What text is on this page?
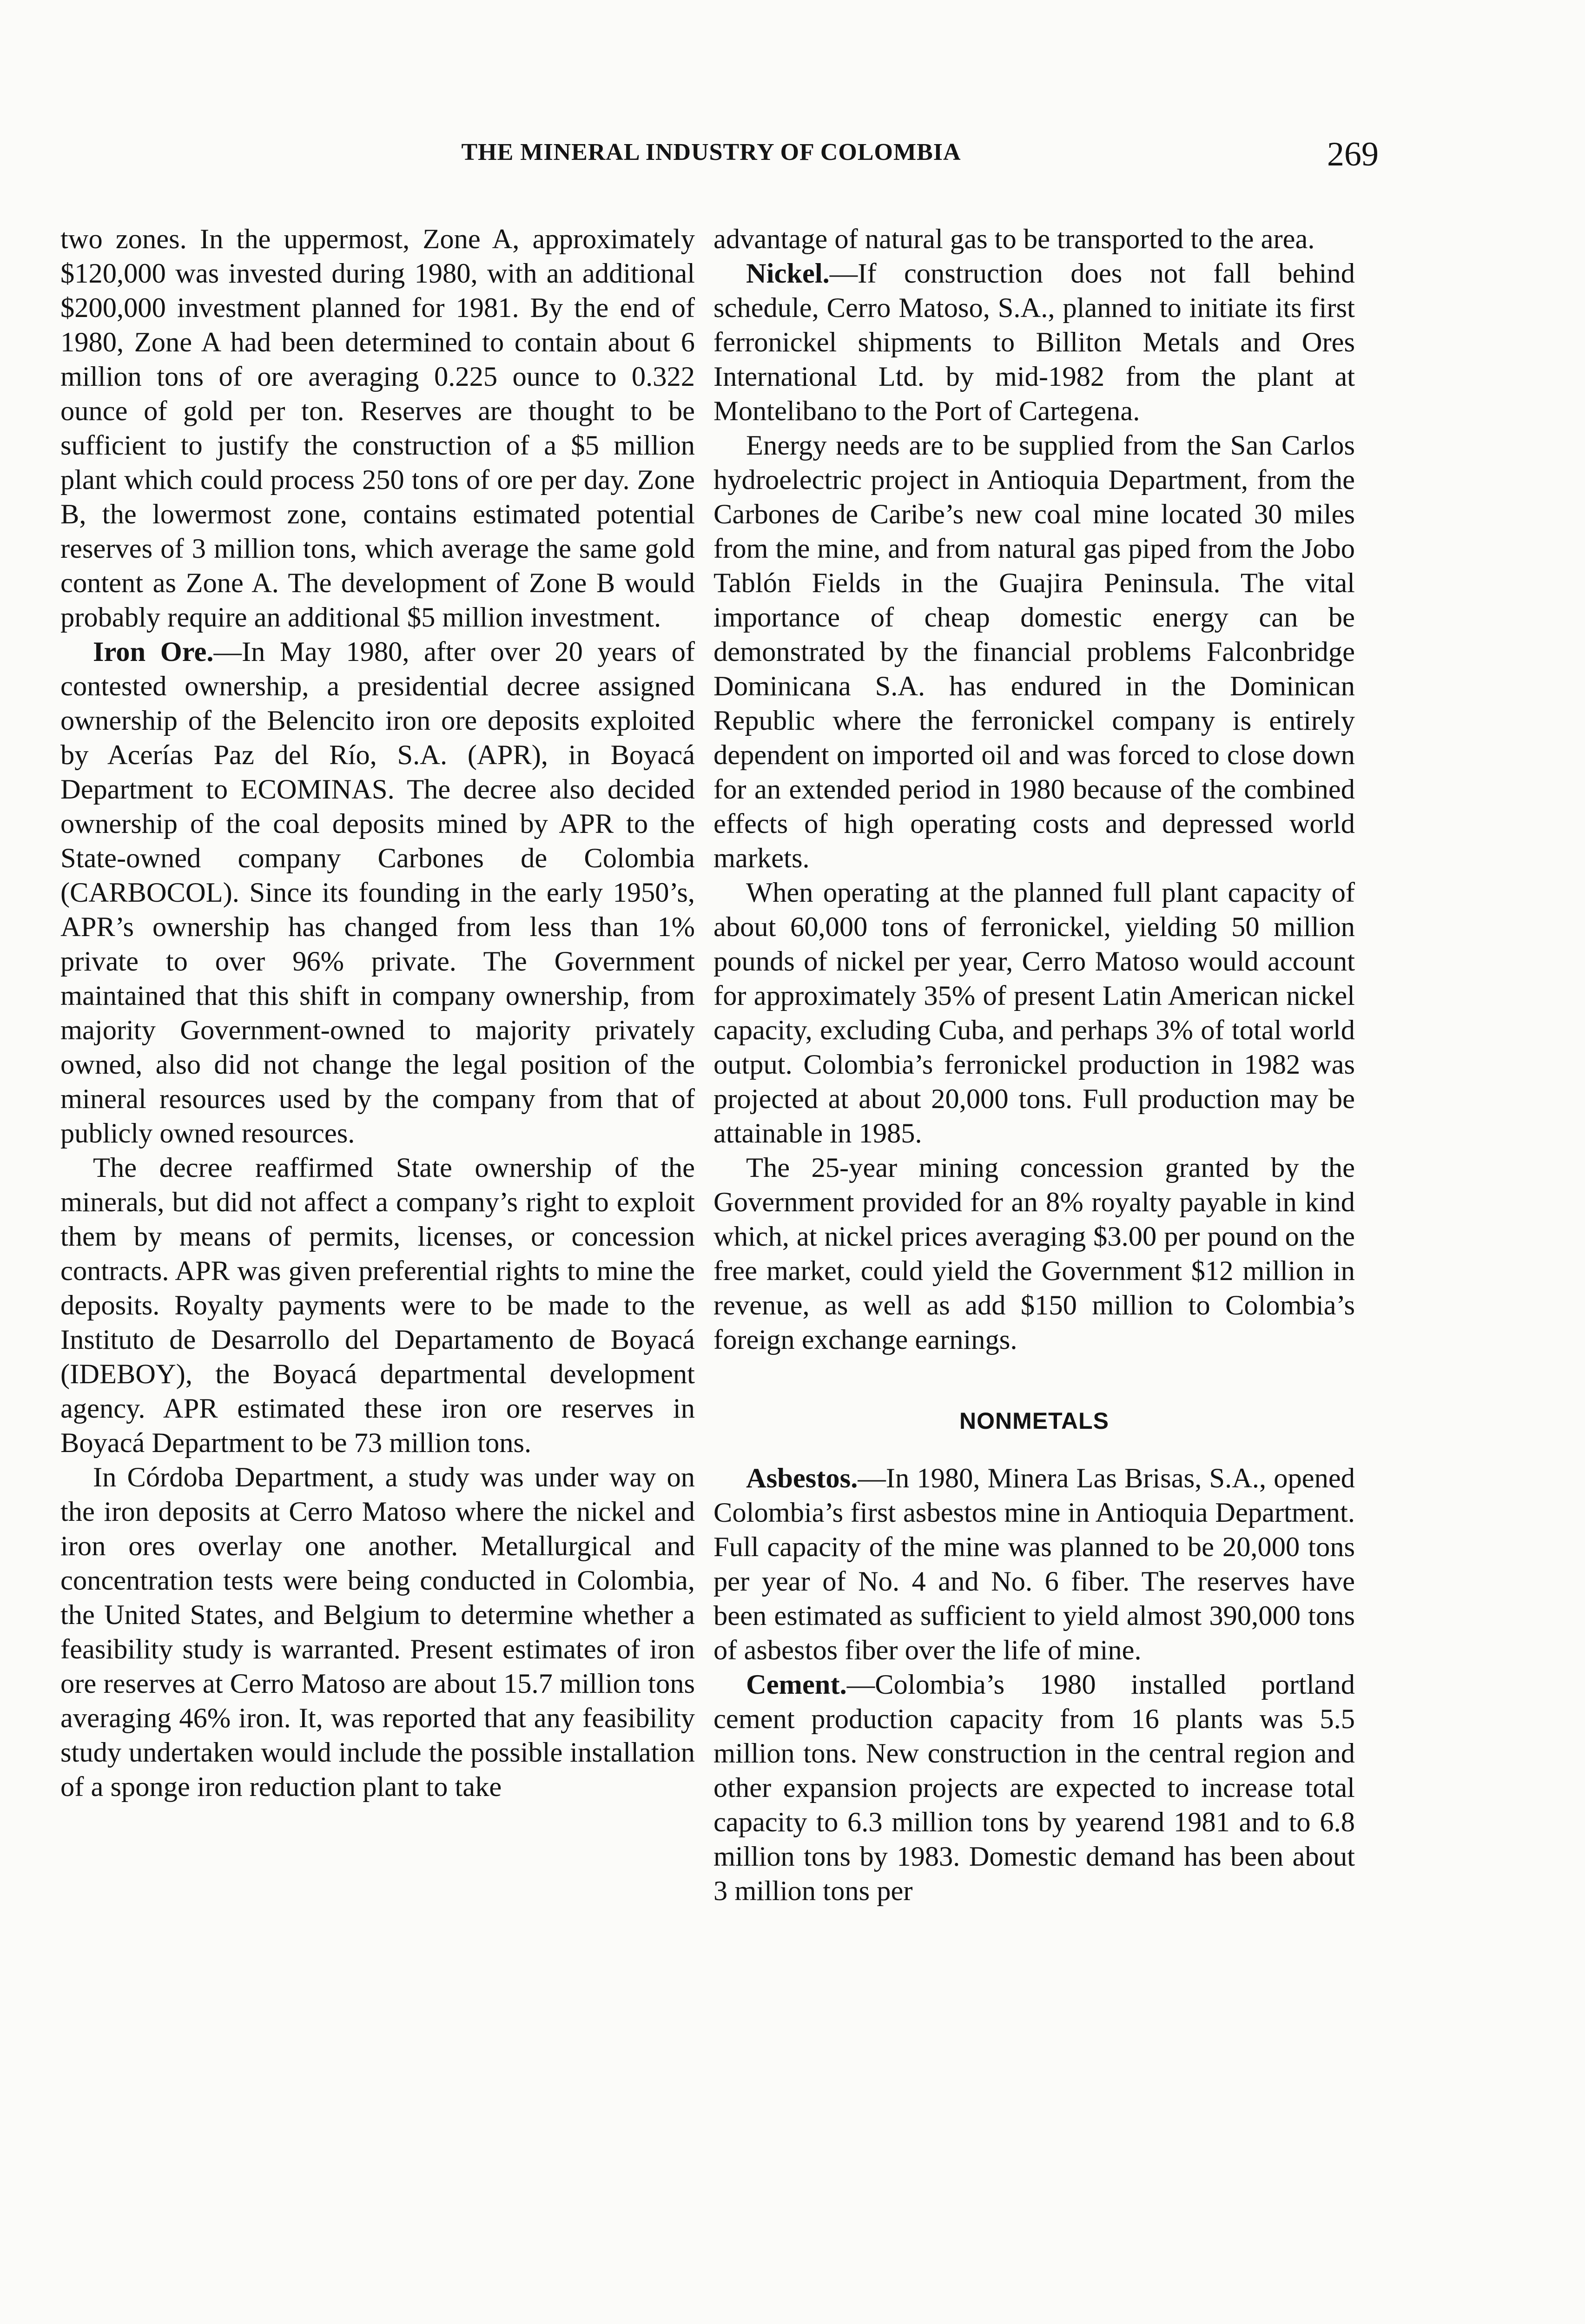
THE MINERAL INDUSTRY OF COLOMBIA	269

two zones. In the uppermost, Zone A, approximately $120,000 was invested during 1980, with an additional $200,000 investment planned for 1981. By the end of 1980, Zone A had been determined to contain about 6 million tons of ore averaging 0.225 ounce to 0.322 ounce of gold per ton. Reserves are thought to be sufficient to justify the construction of a $5 million plant which could process 250 tons of ore per day. Zone B, the lowermost zone, contains estimated potential reserves of 3 million tons, which average the same gold content as Zone A. The development of Zone B would probably require an additional $5 million investment.

Iron Ore.—In May 1980, after over 20 years of contested ownership, a presidential decree assigned ownership of the Belencito iron ore deposits exploited by Acerías Paz del Río, S.A. (APR), in Boyacá Department to ECOMINAS. The decree also decided ownership of the coal deposits mined by APR to the State-owned company Carbones de Colombia (CARBOCOL). Since its founding in the early 1950’s, APR’s ownership has changed from less than 1% private to over 96% private. The Government maintained that this shift in company ownership, from majority Government-owned to majority privately owned, also did not change the legal position of the mineral resources used by the company from that of publicly owned resources.

The decree reaffirmed State ownership of the minerals, but did not affect a company’s right to exploit them by means of permits, licenses, or concession contracts. APR was given preferential rights to mine the deposits. Royalty payments were to be made to the Instituto de Desarrollo del Departamento de Boyacá (IDEBOY), the Boyacá departmental development agency. APR estimated these iron ore reserves in Boyacá Department to be 73 million tons.

In Córdoba Department, a study was under way on the iron deposits at Cerro Matoso where the nickel and iron ores overlay one another. Metallurgical and concentration tests were being conducted in Colombia, the United States, and Belgium to determine whether a feasibility study is warranted. Present estimates of iron ore reserves at Cerro Matoso are about 15.7 million tons averaging 46% iron. It, was reported that any feasibility study undertaken would include the possible installation of a sponge iron reduction plant to take

advantage of natural gas to be transported to the area.

Nickel.—If construction does not fall behind schedule, Cerro Matoso, S.A., planned to initiate its first ferronickel shipments to Billiton Metals and Ores International Ltd. by mid-1982 from the plant at Montelibano to the Port of Cartegena.

Energy needs are to be supplied from the San Carlos hydroelectric project in Antioquia Department, from the Carbones de Caribe’s new coal mine located 30 miles from the mine, and from natural gas piped from the Jobo Tablón Fields in the Guajira Peninsula. The vital importance of cheap domestic energy can be demonstrated by the financial problems Falconbridge Dominicana S.A. has endured in the Dominican Republic where the ferronickel company is entirely dependent on imported oil and was forced to close down for an extended period in 1980 because of the combined effects of high operating costs and depressed world markets.

When operating at the planned full plant capacity of about 60,000 tons of ferronickel, yielding 50 million pounds of nickel per year, Cerro Matoso would account for approximately 35% of present Latin American nickel capacity, excluding Cuba, and perhaps 3% of total world output. Colombia’s ferronickel production in 1982 was projected at about 20,000 tons. Full production may be attainable in 1985.

The 25-year mining concession granted by the Government provided for an 8% royalty payable in kind which, at nickel prices averaging $3.00 per pound on the free market, could yield the Government $12 million in revenue, as well as add $150 million to Colombia’s foreign exchange earnings.

NONMETALS

Asbestos.—In 1980, Minera Las Brisas, S.A., opened Colombia’s first asbestos mine in Antioquia Department. Full capacity of the mine was planned to be 20,000 tons per year of No. 4 and No. 6 fiber. The reserves have been estimated as sufficient to yield almost 390,000 tons of asbestos fiber over the life of mine.

Cement.—Colombia’s 1980 installed portland cement production capacity from 16 plants was 5.5 million tons. New construction in the central region and other expansion projects are expected to increase total capacity to 6.3 million tons by yearend 1981 and to 6.8 million tons by 1983. Domestic demand has been about 3 million tons per
